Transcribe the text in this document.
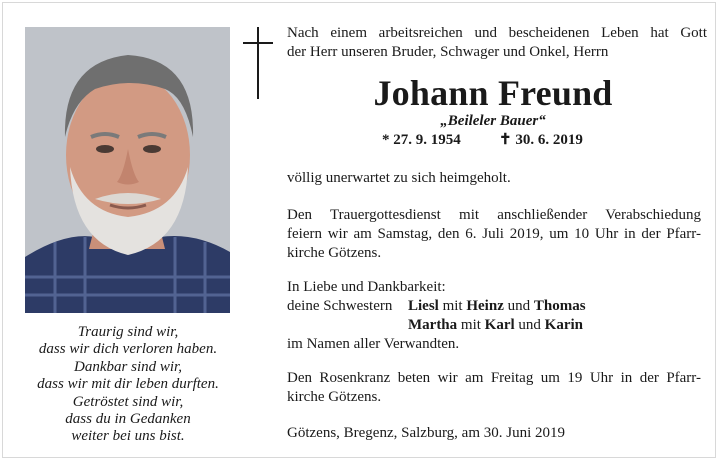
Nach einem arbeitsreichen und bescheidenen Leben hat Gott
der Herr unseren Bruder, Schwager und Onkel, Herrn
Johann Freund
„Beileler Bauer“
* 27. 9. 1954	✝ 30. 6. 2019
völlig unerwartet zu sich heimgeholt.
Den Trauergottesdienst mit anschließender Verabschiedung
feiern wir am Samstag, den 6. Juli 2019, um 10 Uhr in der Pfarr-
kirche Götzens.
In Liebe und Dankbarkeit:
deine Schwestern Liesl mit Heinz und Thomas
Martha mit Karl und Karin
im Namen aller Verwandten.
Den Rosenkranz beten wir am Freitag um 19 Uhr in der Pfarr-
kirche Götzens.
Götzens, Bregenz, Salzburg, am 30. Juni 2019
Traurig sind wir,
dass wir dich verloren haben.
Dankbar sind wir,
dass wir mit dir leben durften.
Getröstet sind wir,
dass du in Gedanken
weiter bei uns bist.
